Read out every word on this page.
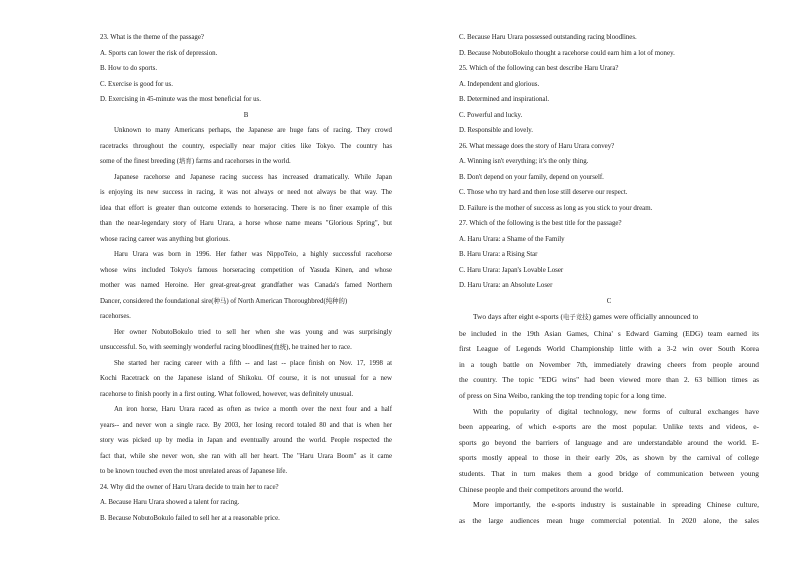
23. What is the theme of the passage?
A. Sports can lower the risk of depression.
B. How to do sports.
C. Exercise is good for us.
D. Exercising in 45-minute was the most beneficial for us.
B
Unknown to many Americans perhaps, the Japanese are huge fans of racing. They crowd
racetracks throughout the country, especially near major cities like Tokyo. The country has
some of the finest breeding (培育) farms and racehorses in the world.
Japanese racehorse and Japanese racing success has increased dramatically. While Japan
is enjoying its new success in racing, it was not always or need not always be that way. The
idea that effort is greater than outcome extends to horseracing. There is no finer example of this
than the near-legendary story of Haru Urara, a horse whose name means "Glorious Spring", but
whose racing career was anything but glorious.
Haru Urara was born in 1996. Her father was NippoTeio, a highly successful racehorse
whose wins included Tokyo's famous horseracing competition of Yasuda Kinen, and whose
mother was named Heroine. Her great-great-great grandfather was Canada's famed Northern
Dancer, considered the foundational sire(种马) of North American Thoroughbred(纯种的)
racehorses.
Her owner NobutoBokulo tried to sell her when she was young and was surprisingly
unsuccessful. So, with seemingly wonderful racing bloodlines(血统), he trained her to race.
She started her racing career with a fifth -- and last -- place finish on Nov. 17, 1998 at
Kochi Racetrack on the Japanese island of Shikoku. Of course, it is not unusual for a new
racehorse to finish poorly in a first outing. What followed, however, was definitely unusual.
An iron horse, Haru Urara raced as often as twice a month over the next four and a half
years-- and never won a single race. By 2003, her losing record totaled 80 and that is when her
story was picked up by media in Japan and eventually around the world. People respected the
fact that, while she never won, she ran with all her heart. The "Haru Urara Boom" as it came
to be known touched even the most unrelated areas of Japanese life.
24. Why did the owner of Haru Urara decide to train her to race?
A. Because Haru Urara showed a talent for racing.
B. Because NobutoBokulo failed to sell her at a reasonable price.
C. Because Haru Urara possessed outstanding racing bloodlines.
D. Because NobutoBokulo thought a racehorse could earn him a lot of money.
25. Which of the following can best describe Haru Urara?
A. Independent and glorious.
B. Determined and inspirational.
C. Powerful and lucky.
D. Responsible and lovely.
26. What message does the story of Haru Urara convey?
A. Winning isn't everything; it's the only thing.
B. Don't depend on your family, depend on yourself.
C. Those who try hard and then lose still deserve our respect.
D. Failure is the mother of success as long as you stick to your dream.
27. Which of the following is the best title for the passage?
A. Haru Urara: a Shame of the Family
B. Haru Urara: a Rising Star
C. Haru Urara: Japan's Lovable Loser
D. Haru Urara: an Absolute Loser
C
Two days after eight e-sports (电子竞技) games were officially announced to
be included in the 19th Asian Games, China' s Edward Gaming (EDG) team earned its
first League of Legends World Championship little with a 3-2 win over South Korea
in a tough battle on November 7th, immediately drawing cheers from people around
the country. The topic "EDG wins" had been viewed more than 2. 63 billion times as
of press on Sina Weibo, ranking the top trending topic for a long time.
With the popularity of digital technology, new forms of cultural exchanges have
been appearing, of which e-sports are the most popular. Unlike texts and videos, e-
sports go beyond the barriers of language and are understandable around the world. E-
sports mostly appeal to those in their early 20s, as shown by the carnival of college
students. That in turn makes them a good bridge of communication between young
Chinese people and their competitors around the world.
More importantly, the e-sports industry is sustainable in spreading Chinese culture,
as the large audiences mean huge commercial potential. In 2020 alone, the sales
